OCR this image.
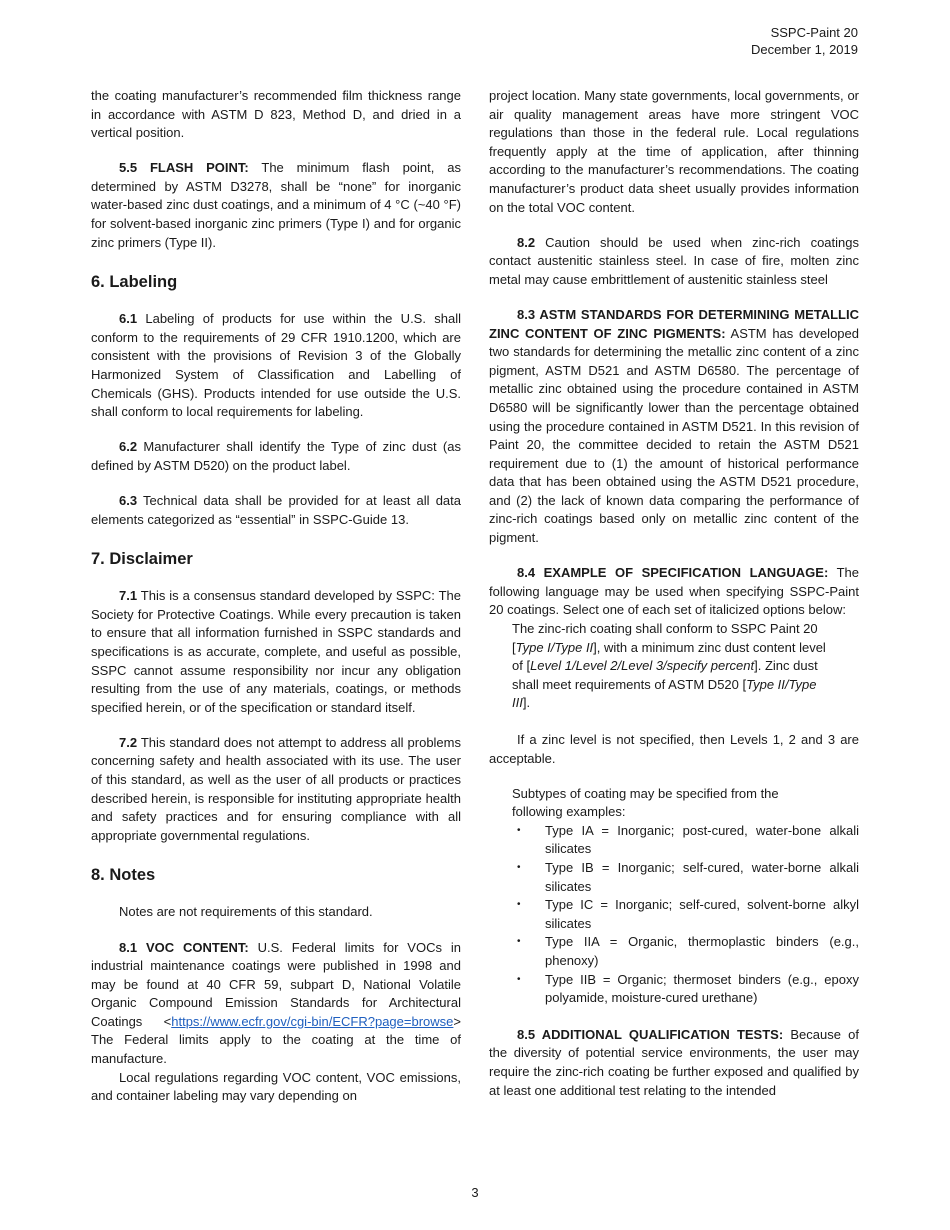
SSPC-Paint 20
December 1, 2019

the coating manufacturer’s recommended film thickness range in accordance with ASTM D 823, Method D, and dried in a vertical position.

5.5 FLASH POINT: The minimum flash point, as determined by ASTM D3278, shall be “none” for inorganic water-based zinc dust coatings, and a minimum of 4 °C (~40 °F) for solvent-based inorganic zinc primers (Type I) and for organic zinc primers (Type II).

6. Labeling

6.1 Labeling of products for use within the U.S. shall conform to the requirements of 29 CFR 1910.1200, which are consistent with the provisions of Revision 3 of the Globally Harmonized System of Classification and Labelling of Chemicals (GHS). Products intended for use outside the U.S. shall conform to local requirements for labeling.

6.2 Manufacturer shall identify the Type of zinc dust (as defined by ASTM D520) on the product label.

6.3 Technical data shall be provided for at least all data elements categorized as “essential” in SSPC-Guide 13.

7. Disclaimer

7.1 This is a consensus standard developed by SSPC: The Society for Protective Coatings. While every precaution is taken to ensure that all information furnished in SSPC standards and specifications is as accurate, complete, and useful as possible, SSPC cannot assume responsibility nor incur any obligation resulting from the use of any materials, coatings, or methods specified herein, or of the specification or standard itself.

7.2 This standard does not attempt to address all problems concerning safety and health associated with its use. The user of this standard, as well as the user of all products or practices described herein, is responsible for instituting appropriate health and safety practices and for ensuring compliance with all appropriate governmental regulations.

8. Notes

Notes are not requirements of this standard.

8.1 VOC CONTENT: U.S. Federal limits for VOCs in industrial maintenance coatings were published in 1998 and may be found at 40 CFR 59, subpart D, National Volatile Organic Compound Emission Standards for Architectural Coatings <https://www.ecfr.gov/cgi-bin/ECFR?page=browse> The Federal limits apply to the coating at the time of manufacture.

Local regulations regarding VOC content, VOC emissions, and container labeling may vary depending on

project location. Many state governments, local governments, or air quality management areas have more stringent VOC regulations than those in the federal rule. Local regulations frequently apply at the time of application, after thinning according to the manufacturer’s recommendations. The coating manufacturer’s product data sheet usually provides information on the total VOC content.

8.2 Caution should be used when zinc-rich coatings contact austenitic stainless steel. In case of fire, molten zinc metal may cause embrittlement of austenitic stainless steel

8.3 ASTM STANDARDS FOR DETERMINING METALLIC ZINC CONTENT OF ZINC PIGMENTS: ASTM has developed two standards for determining the metallic zinc content of a zinc pigment, ASTM D521 and ASTM D6580. The percentage of metallic zinc obtained using the procedure contained in ASTM D6580 will be significantly lower than the percentage obtained using the procedure contained in ASTM D521. In this revision of Paint 20, the committee decided to retain the ASTM D521 requirement due to (1) the amount of historical performance data that has been obtained using the ASTM D521 procedure, and (2) the lack of known data comparing the performance of zinc-rich coatings based only on metallic zinc content of the pigment.

8.4 EXAMPLE OF SPECIFICATION LANGUAGE: The following language may be used when specifying SSPC-Paint 20 coatings. Select one of each set of italicized options below:

The zinc-rich coating shall conform to SSPC Paint 20 [Type I/Type II], with a minimum zinc dust content level of [Level 1/Level 2/Level 3/specify percent]. Zinc dust shall meet requirements of ASTM D520 [Type II/Type III].

If a zinc level is not specified, then Levels 1, 2 and 3 are acceptable.

Subtypes of coating may be specified from the following examples:
• Type IA = Inorganic; post-cured, water-bone alkali silicates
• Type IB = Inorganic; self-cured, water-borne alkali silicates
• Type IC = Inorganic; self-cured, solvent-borne alkyl silicates
• Type IIA = Organic, thermoplastic binders (e.g., phenoxy)
• Type IIB = Organic; thermoset binders (e.g., epoxy polyamide, moisture-cured urethane)

8.5 ADDITIONAL QUALIFICATION TESTS: Because of the diversity of potential service environments, the user may require the zinc-rich coating be further exposed and qualified by at least one additional test relating to the intended

3
